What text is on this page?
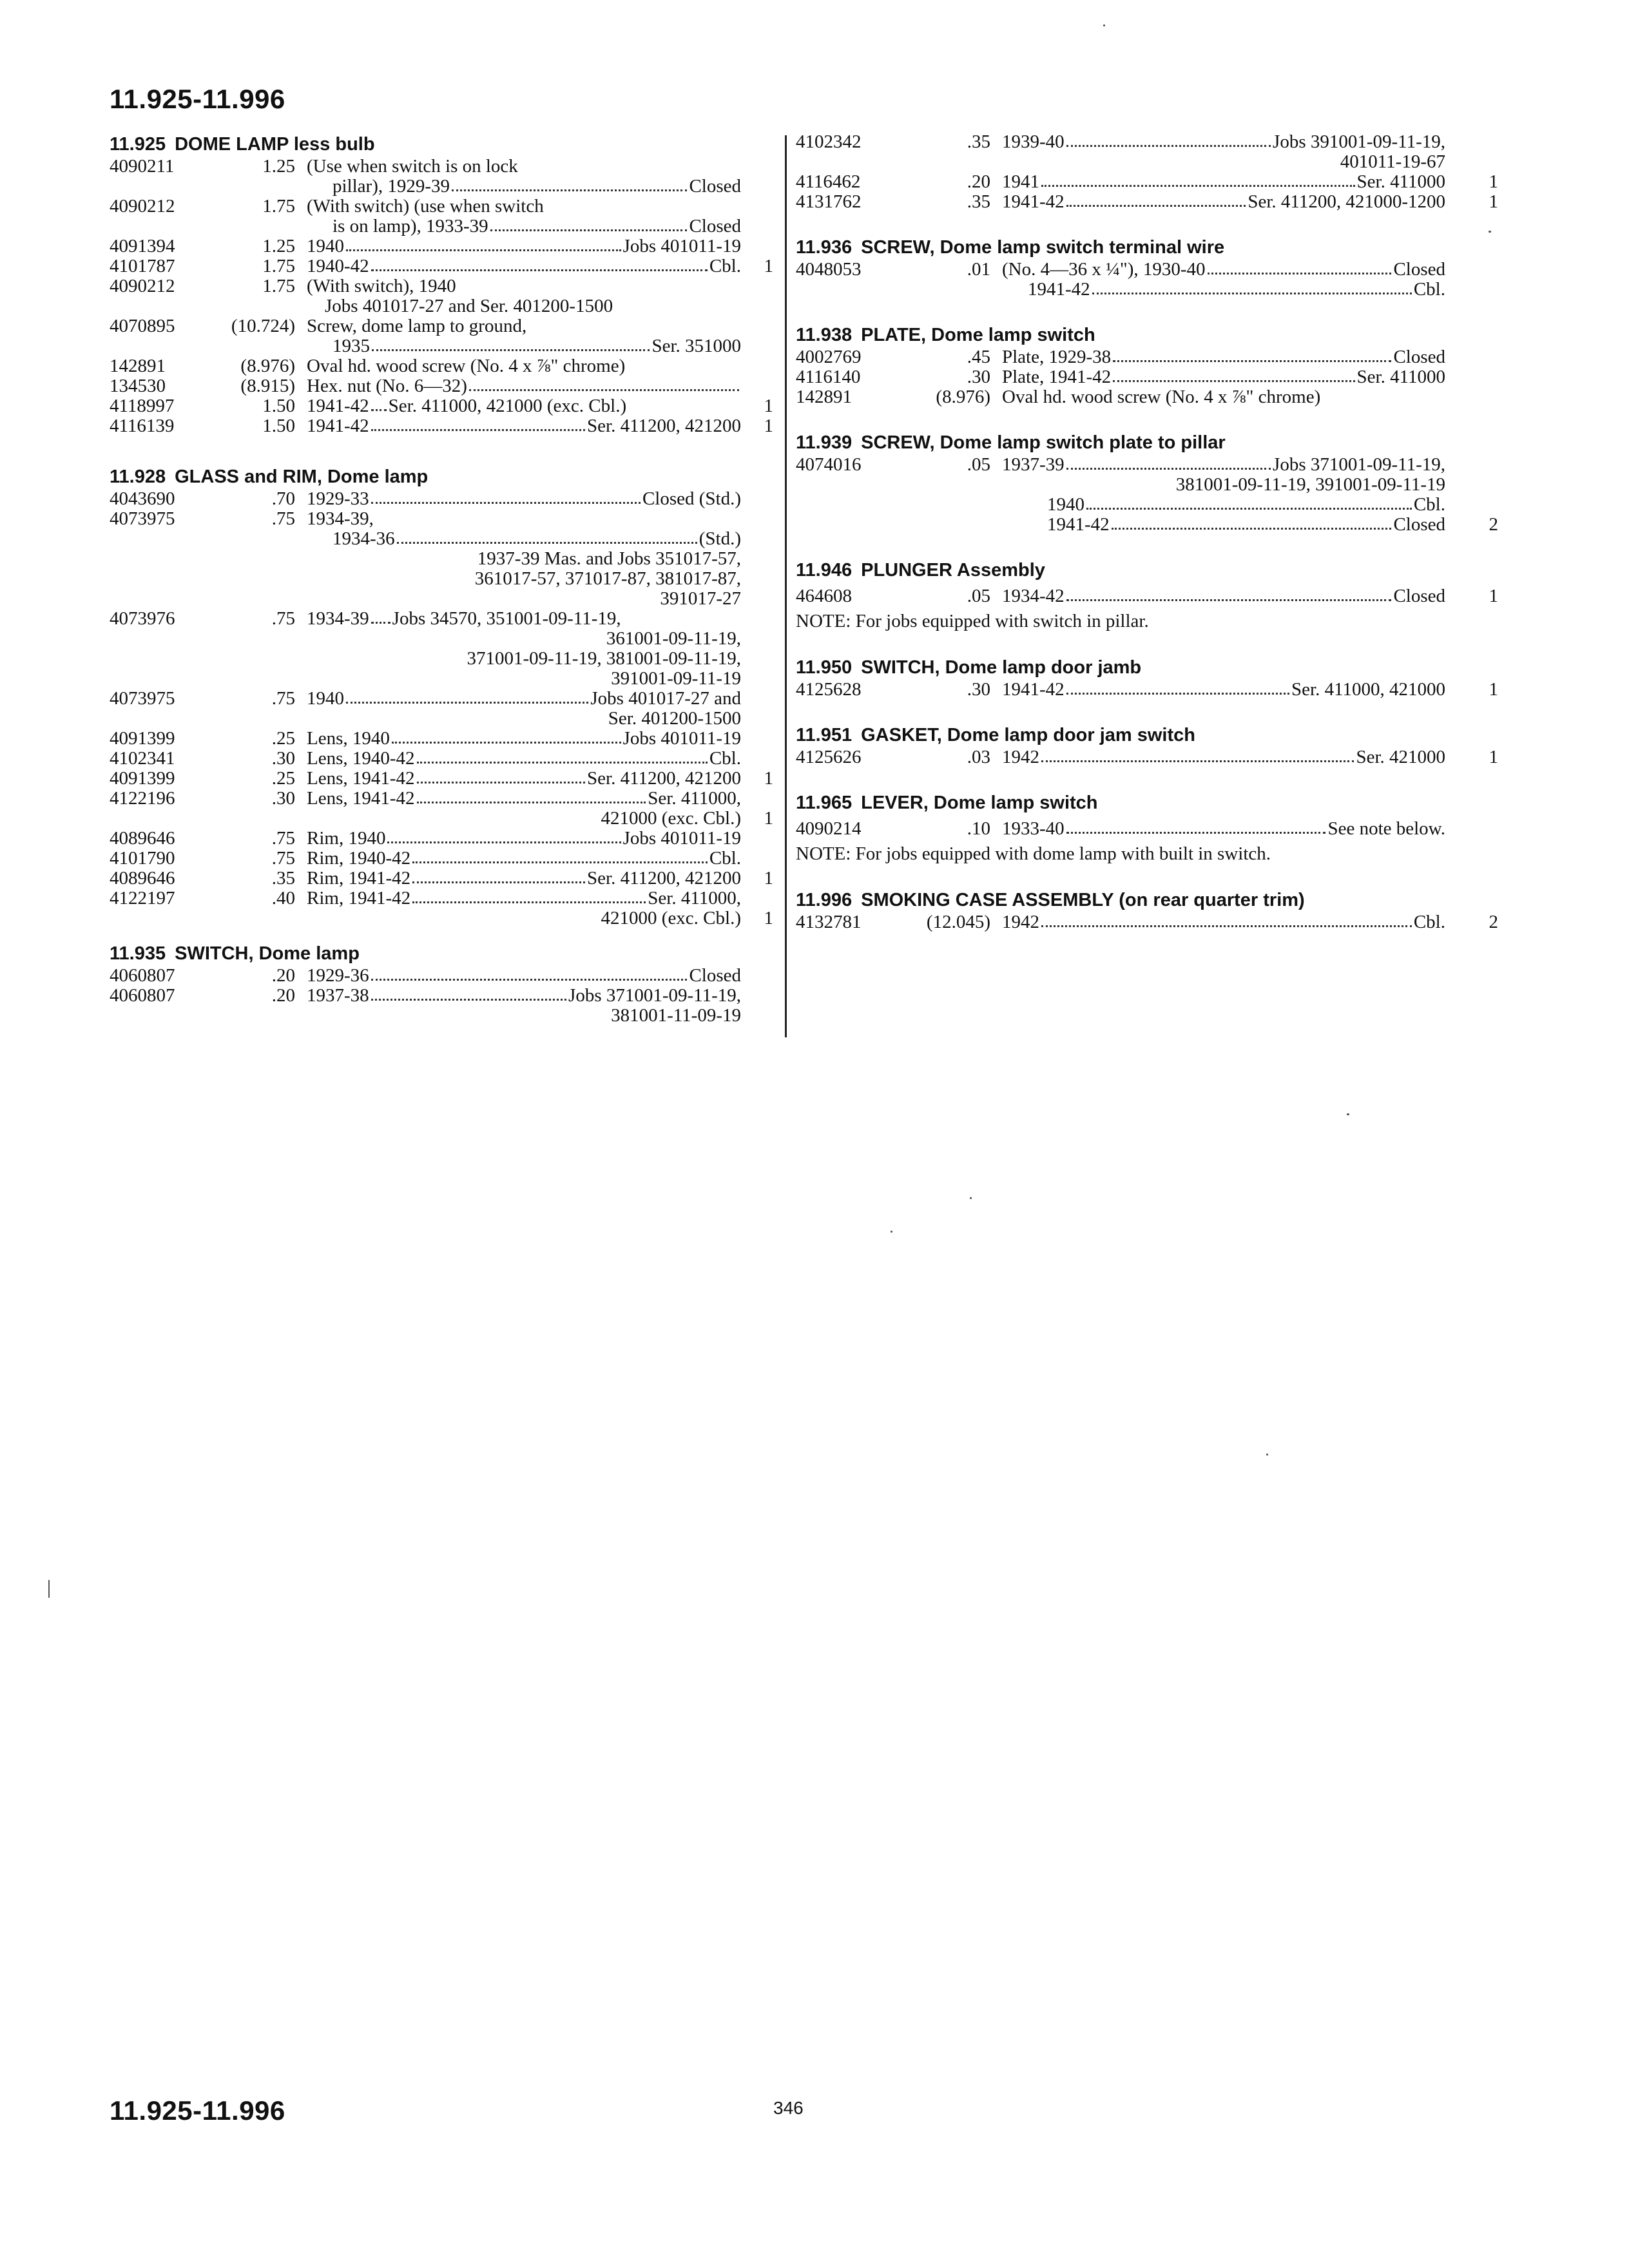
11.925-11.996
11.925 DOME LAMP less bulb
4090211	1.25 (Use when switch is on lock
pillar), 1929-39	Closed
4090212	1.75 (With switch) (use when switch
is on lamp), 1933-39	Closed
4091394	1.25 1940	Jobs 401011-19
4101787	1.75 1940-42	Cbl.	1
4090212	1.75 (With switch), 1940
Jobs 401017-27 and Ser. 401200-1500
4070895	(10.724) Screw, dome lamp to ground,
1935	Ser. 351000
142891	(8.976) Oval hd. wood screw (No. 4 x ⅞" chrome)
134530	(8.915) Hex. nut (No. 6—32)
4118997	1.50 1941-42 Ser. 411000, 421000 (exc. Cbl.)	1
4116139	1.50 1941-42	Ser. 411200, 421200	1
11.928 GLASS and RIM, Dome lamp
4043690	.70 1929-33	Closed (Std.)
4073975	.75 1934-39,
1934-36	(Std.)
1937-39 Mas. and Jobs 351017-57,
361017-57, 371017-87, 381017-87,
391017-27
4073976	.75 1934-39 Jobs 34570, 351001-09-11-19,
361001-09-11-19,
371001-09-11-19, 381001-09-11-19,
391001-09-11-19
4073975	.75 1940	Jobs 401017-27 and
Ser. 401200-1500
4091399	.25 Lens, 1940	Jobs 401011-19
4102341	.30 Lens, 1940-42	Cbl.
4091399	.25 Lens, 1941-42	Ser. 411200, 421200	1
4122196	.30 Lens, 1941-42	Ser. 411000,
421000 (exc. Cbl.)	1
4089646	.75 Rim, 1940	Jobs 401011-19
4101790	.75 Rim, 1940-42	Cbl.
4089646	.35 Rim, 1941-42	Ser. 411200, 421200	1
4122197	.40 Rim, 1941-42	Ser. 411000,
421000 (exc. Cbl.)	1
11.935 SWITCH, Dome lamp
4060807	.20 1929-36	Closed
4060807	.20 1937-38	Jobs 371001-09-11-19,
381001-11-09-19
4102342	.35 1939-40	Jobs 391001-09-11-19,
401011-19-67
4116462	.20 1941	Ser. 411000	1
4131762	.35 1941-42	Ser. 411200, 421000-1200	1
11.936 SCREW, Dome lamp switch terminal wire
4048053	.01 (No. 4—36 x ¼"), 1930-40	Closed
1941-42	Cbl.
11.938 PLATE, Dome lamp switch
4002769	.45 Plate, 1929-38	Closed
4116140	.30 Plate, 1941-42	Ser. 411000
142891	(8.976) Oval hd. wood screw (No. 4 x ⅞" chrome)
11.939 SCREW, Dome lamp switch plate to pillar
4074016	.05 1937-39	Jobs 371001-09-11-19,
381001-09-11-19, 391001-09-11-19
1940	Cbl.
1941-42	Closed	2
11.946 PLUNGER Assembly
464608	.05 1934-42	Closed	1
NOTE: For jobs equipped with switch in pillar.
11.950 SWITCH, Dome lamp door jamb
4125628	.30 1941-42	Ser. 411000, 421000	1
11.951 GASKET, Dome lamp door jam switch
4125626	.03 1942	Ser. 421000	1
11.965 LEVER, Dome lamp switch
4090214	.10 1933-40	See note below.
NOTE: For jobs equipped with dome lamp with built in switch.
11.996 SMOKING CASE ASSEMBLY (on rear quarter trim)
4132781	(12.045) 1942	Cbl.	2
11.925-11.996	346
